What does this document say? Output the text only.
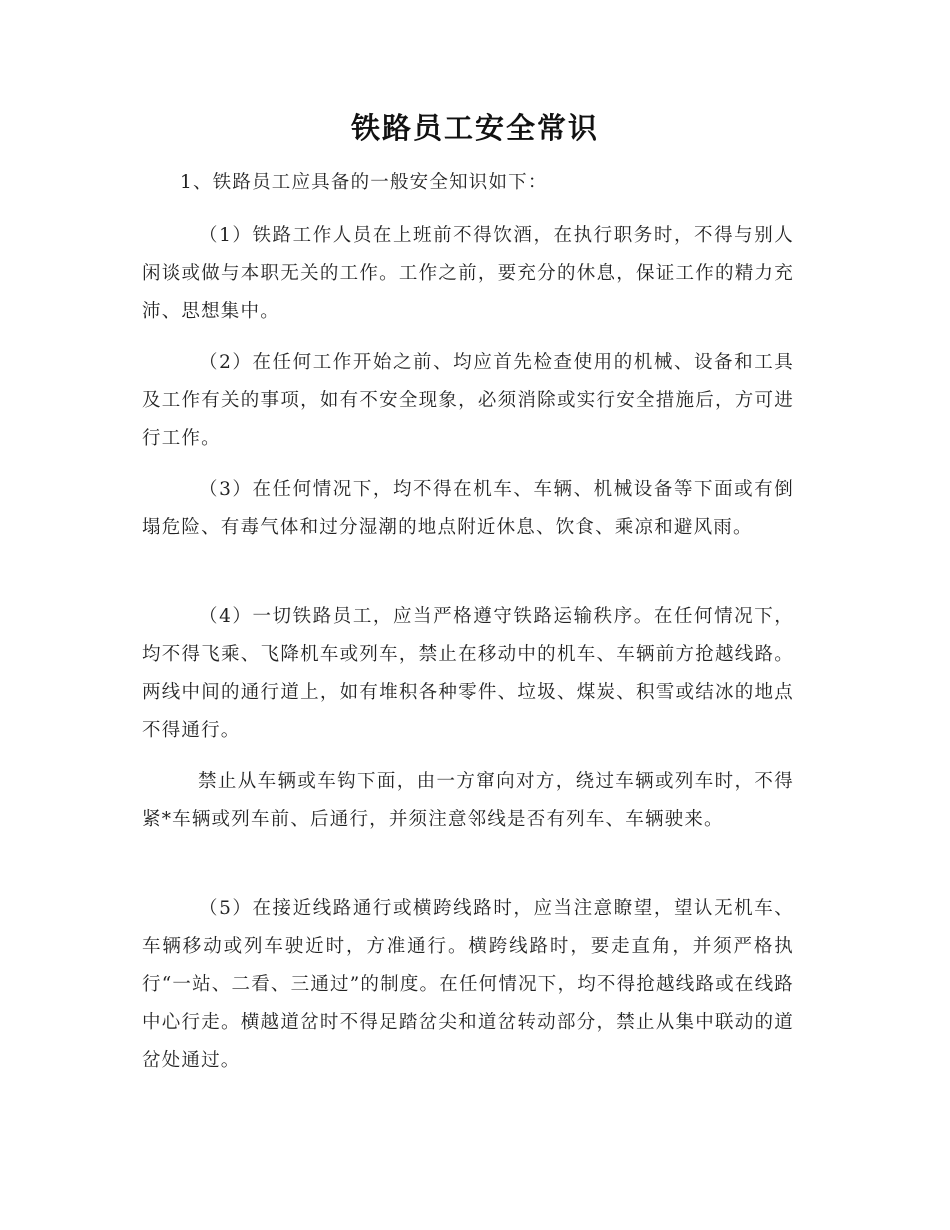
铁路员工安全常识

1、铁路员工应具备的一般安全知识如下：

（1）铁路工作人员在上班前不得饮酒，在执行职务时，不得与别人闲谈或做与本职无关的工作。工作之前，要充分的休息，保证工作的精力充沛、思想集中。

（2）在任何工作开始之前、均应首先检查使用的机械、设备和工具及工作有关的事项，如有不安全现象，必须消除或实行安全措施后，方可进行工作。

（3）在任何情况下，均不得在机车、车辆、机械设备等下面或有倒塌危险、有毒气体和过分湿潮的地点附近休息、饮食、乘凉和避风雨。

（4）一切铁路员工，应当严格遵守铁路运输秩序。在任何情况下，均不得飞乘、飞降机车或列车，禁止在移动中的机车、车辆前方抢越线路。两线中间的通行道上，如有堆积各种零件、垃圾、煤炭、积雪或结冰的地点不得通行。

禁止从车辆或车钩下面，由一方窜向对方，绕过车辆或列车时，不得紧*车辆或列车前、后通行，并须注意邻线是否有列车、车辆驶来。

（5）在接近线路通行或横跨线路时，应当注意瞭望，望认无机车、车辆移动或列车驶近时，方准通行。横跨线路时，要走直角，并须严格执行“一站、二看、三通过”的制度。在任何情况下，均不得抢越线路或在线路中心行走。横越道岔时不得足踏岔尖和道岔转动部分，禁止从集中联动的道岔处通过。
